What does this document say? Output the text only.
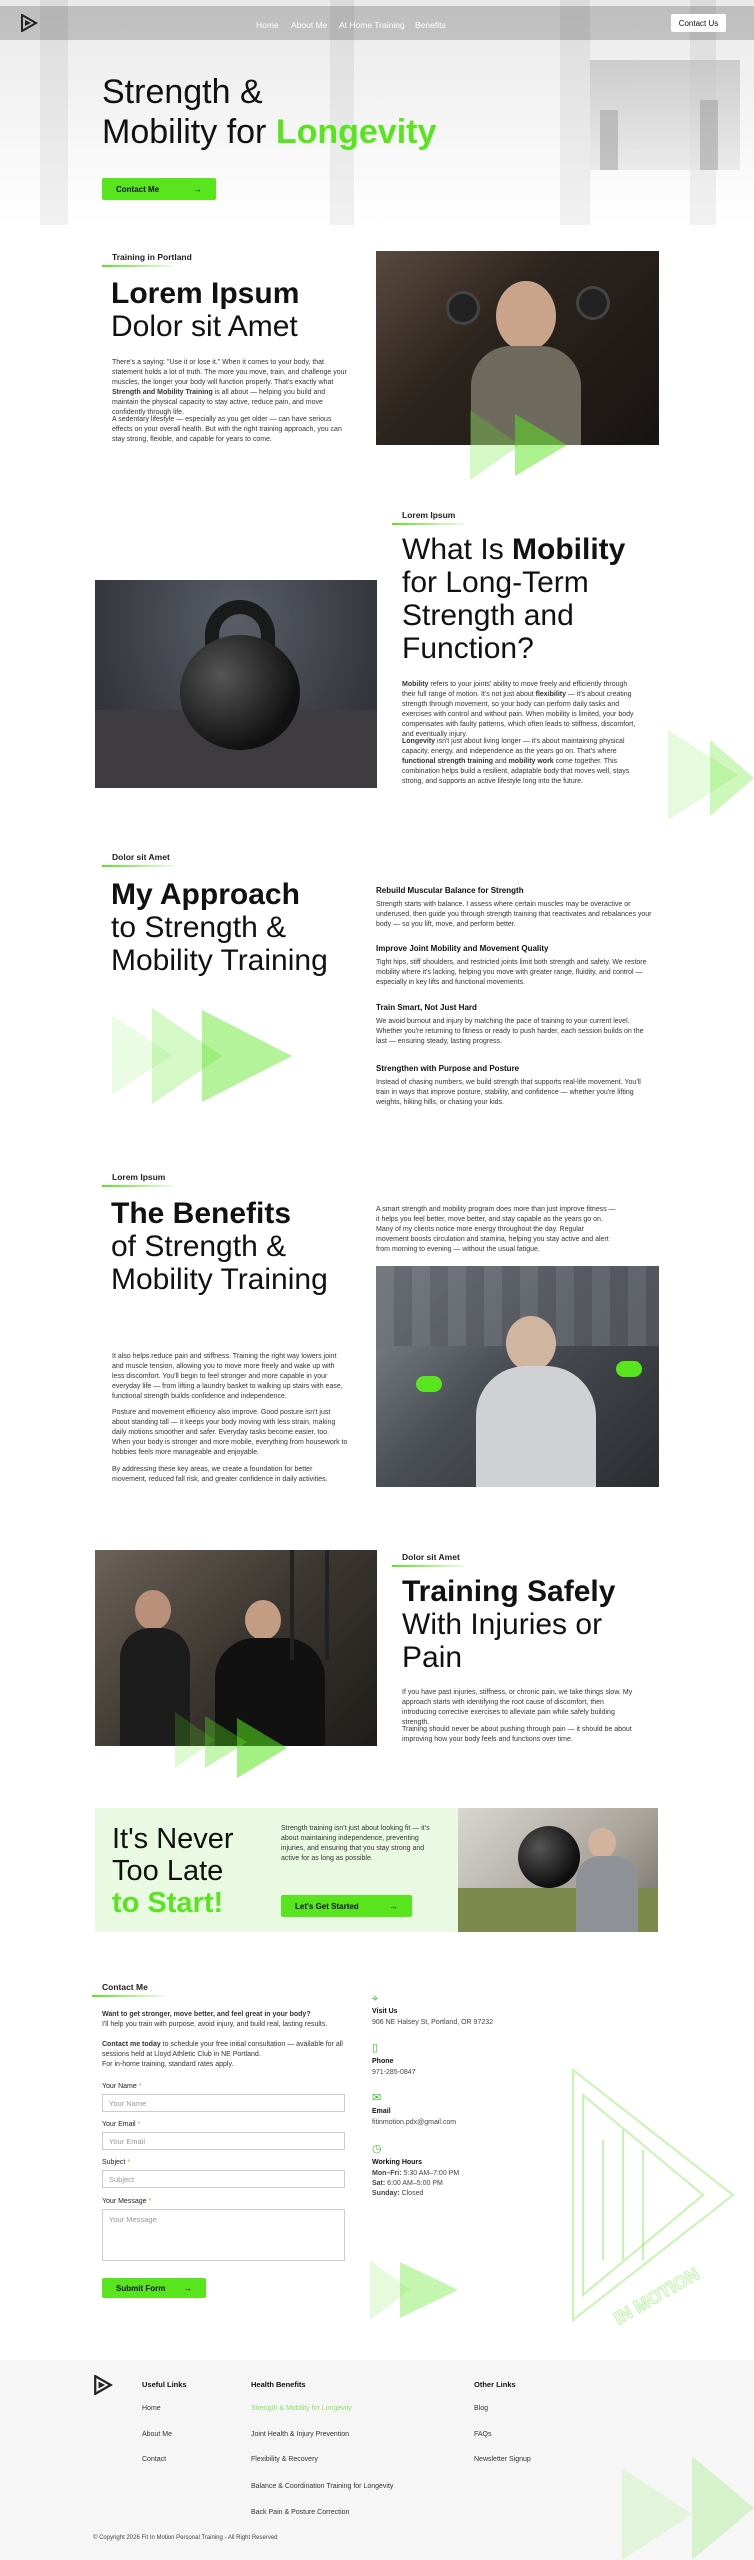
Home About Me At Home Training Benefits	Contact Us
Strength &
Mobility for Longevity
Contact Me	→
Training in Portland
Lorem Ipsum
Dolor sit Amet
There's a saying: "Use it or lose it." When it comes to your body, that statement holds a lot of truth. The more you move, train, and challenge your muscles, the longer your body will function properly. That's exactly what Strength and Mobility Training is all about — helping you build and maintain the physical capacity to stay active, reduce pain, and move confidently through life.
A sedentary lifestyle — especially as you get older — can have serious effects on your overall health. But with the right training approach, you can stay strong, flexible, and capable for years to come.
Lorem Ipsum
What Is Mobility
for Long-Term Strength and Function?
Mobility refers to your joints' ability to move freely and efficiently through their full range of motion. It's not just about flexibility — it's about creating strength through movement, so your body can perform daily tasks and exercises with control and without pain. When mobility is limited, your body compensates with faulty patterns, which often leads to stiffness, discomfort, and eventually injury.
Longevity isn't just about living longer — it's about maintaining physical capacity, energy, and independence as the years go on. That's where functional strength training and mobility work come together. This combination helps build a resilient, adaptable body that moves well, stays strong, and supports an active lifestyle long into the future.
Dolor sit Amet
My Approach
to Strength & Mobility Training
Rebuild Muscular Balance for Strength
Strength starts with balance. I assess where certain muscles may be overactive or underused, then guide you through strength training that reactivates and rebalances your body — so you lift, move, and perform better.
Improve Joint Mobility and Movement Quality
Tight hips, stiff shoulders, and restricted joints limit both strength and safety. We restore mobility where it's lacking, helping you move with greater range, fluidity, and control — especially in key lifts and functional movements.
Train Smart, Not Just Hard
We avoid burnout and injury by matching the pace of training to your current level. Whether you're returning to fitness or ready to push harder, each session builds on the last — ensuring steady, lasting progress.
Strengthen with Purpose and Posture
Instead of chasing numbers, we build strength that supports real-life movement. You'll train in ways that improve posture, stability, and confidence — whether you're lifting weights, hiking hills, or chasing your kids.
Lorem Ipsum
The Benefits
of Strength & Mobility Training
A smart strength and mobility program does more than just improve fitness — it helps you feel better, move better, and stay capable as the years go on. Many of my clients notice more energy throughout the day. Regular movement boosts circulation and stamina, helping you stay active and alert from morning to evening — without the usual fatigue.
It also helps reduce pain and stiffness. Training the right way lowers joint and muscle tension, allowing you to move more freely and wake up with less discomfort. You'll begin to feel stronger and more capable in your everyday life — from lifting a laundry basket to walking up stairs with ease, functional strength builds confidence and independence.
Posture and movement efficiency also improve. Good posture isn't just about standing tall — it keeps your body moving with less strain, making daily motions smoother and safer. Everyday tasks become easier, too. When your body is stronger and more mobile, everything from housework to hobbies feels more manageable and enjoyable.
By addressing these key areas, we create a foundation for better movement, reduced fall risk, and greater confidence in daily activities.
Dolor sit Amet
Training Safely
With Injuries or Pain
If you have past injuries, stiffness, or chronic pain, we take things slow. My approach starts with identifying the root cause of discomfort, then introducing corrective exercises to alleviate pain while safely building strength.
Training should never be about pushing through pain — it should be about improving how your body feels and functions over time.
It's Never
Too Late
to Start!
Strength training isn't just about looking fit — it's about maintaining independence, preventing injuries, and ensuring that you stay strong and active for as long as possible.
Let's Get Started	→
Contact Me
Want to get stronger, move better, and feel great in your body?
I'll help you train with purpose, avoid injury, and build real, lasting results.
Contact me today to schedule your free initial consultation — available for all sessions held at Lloyd Athletic Club in NE Portland.
For in-home training, standard rates apply.
Your Name *
Your Name
Your Email *
Your Email
Subject *
Subject
Your Message *
Your Message
Submit Form →
⌖
Visit Us
906 NE Halsey St, Portland, OR 97232
▯
Phone
971-285-0847
✉
Email
fitinmotion.pdx@gmail.com
◷
Working Hours
Mon–Fri: 5:30 AM–7:00 PM
Sat: 6:00 AM–5:00 PM
Sunday: Closed
IN MOTION
Useful Links
Home
About Me
Contact
Health Benefits
Strength & Mobility for Longevity
Joint Health & Injury Prevention
Flexibility & Recovery
Balance & Coordination Training for Longevity
Back Pain & Posture Correction
Other Links
Blog
FAQs
Newsletter Signup
© Copyright 2026 Fit In Motion Personal Training - All Right Reserved
